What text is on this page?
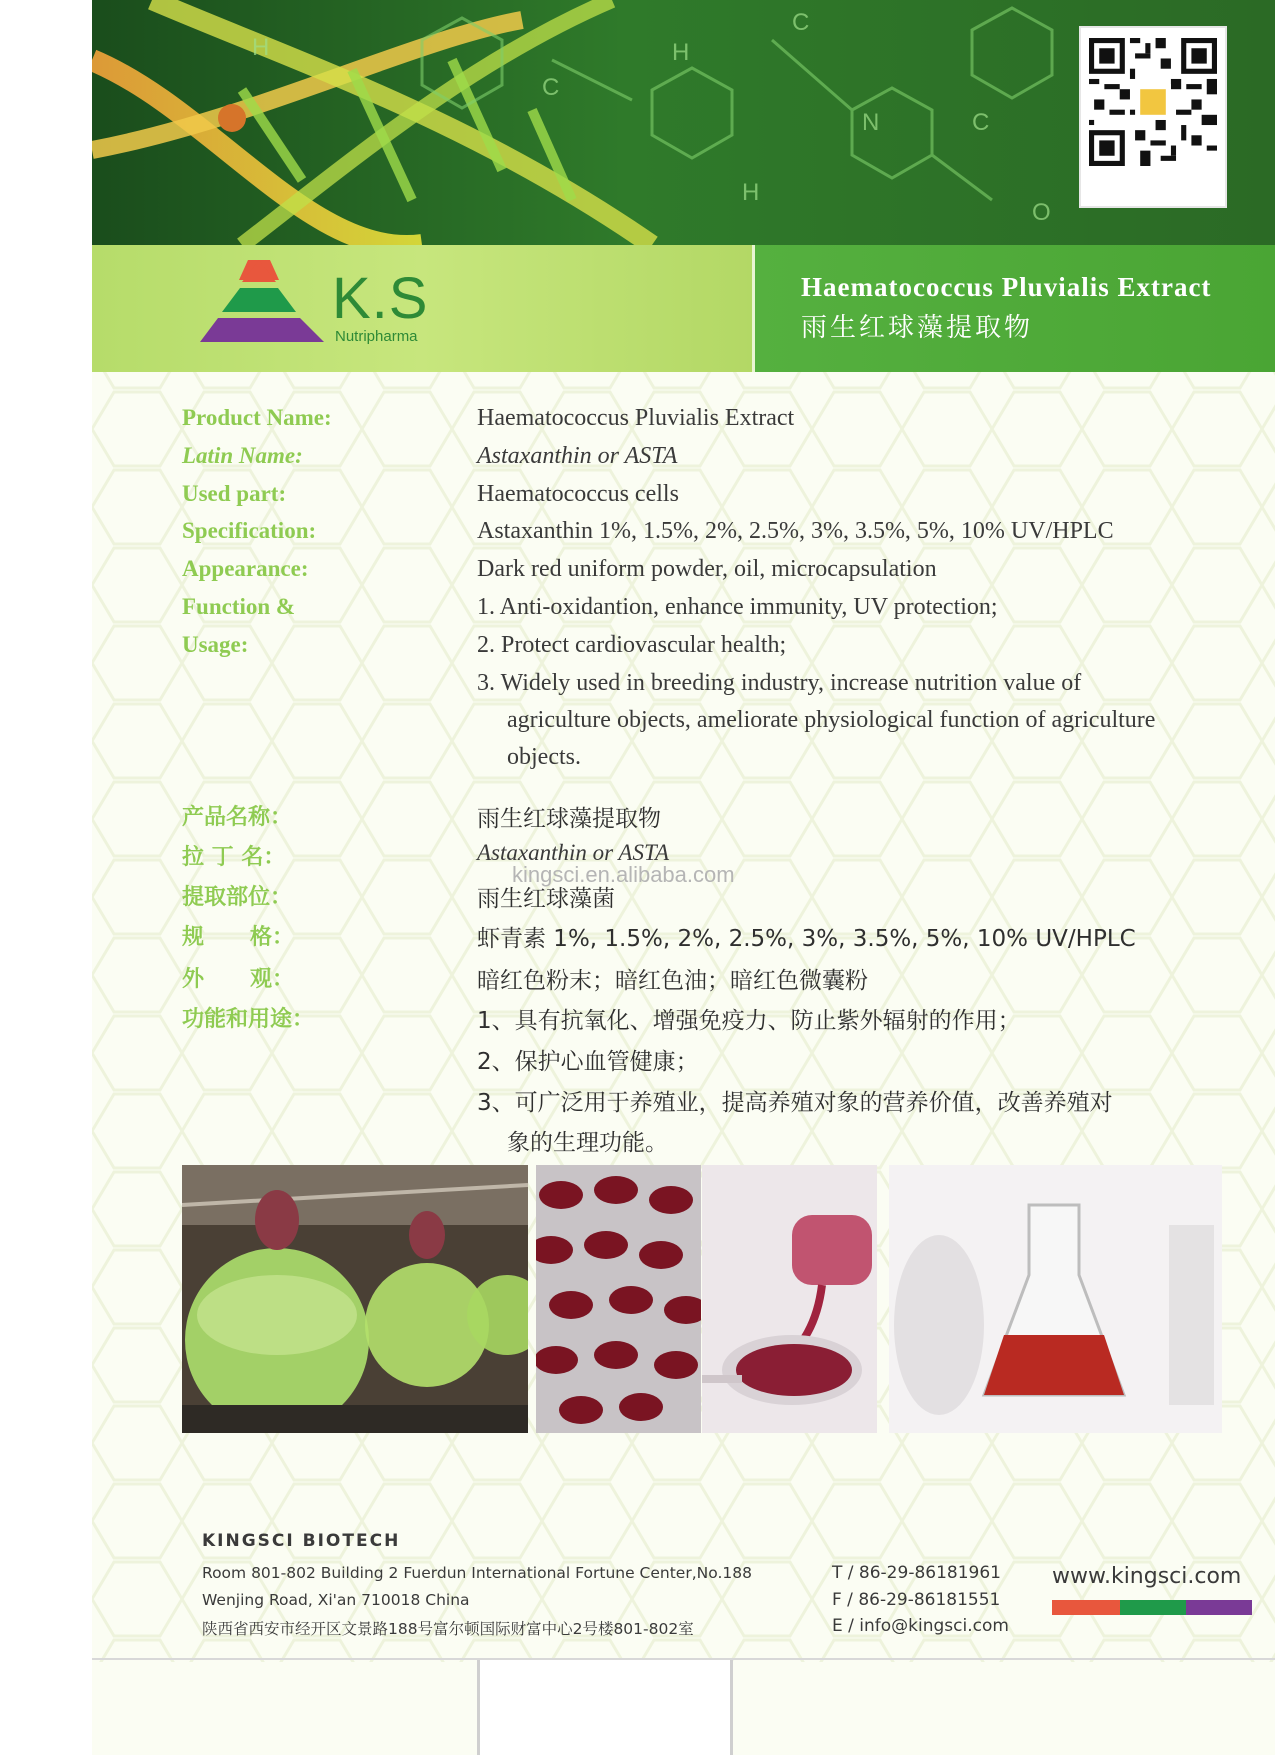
H
C
H
C
N
H
C
O
K.S
Nutripharma
Haematococcus Pluvialis Extract
雨生红球藻提取物
Product Name:	Haematococcus Pluvialis Extract
Latin Name:	Astaxanthin or ASTA
Used part:	Haematococcus cells
Specification:	Astaxanthin 1%, 1.5%, 2%, 2.5%, 3%, 3.5%, 5%, 10% UV/HPLC
Appearance:	Dark red uniform powder, oil, microcapsulation
Function &	1. Anti-oxidantion, enhance immunity, UV protection;
Usage:	2. Protect cardiovascular health;
3. Widely used in breeding industry, increase nutrition value of
agriculture objects, ameliorate physiological function of agriculture
objects.
产品名称：	雨生红球藻提取物
拉 丁 名：	Astaxanthin or ASTA
提取部位：	雨生红球藻菌
规      格：	虾青素 1%, 1.5%, 2%, 2.5%, 3%, 3.5%, 5%, 10% UV/HPLC
外      观：	暗红色粉末；暗红色油；暗红色微囊粉
功能和用途：	1、具有抗氧化、增强免疫力、防止紫外辐射的作用；
2、保护心血管健康；
3、可广泛用于养殖业，提高养殖对象的营养价值，改善养殖对
象的生理功能。
kingsci.en.alibaba.com
KINGSCI BIOTECH
Room 801-802 Building 2 Fuerdun International Fortune Center,No.188
Wenjing Road, Xi'an 710018 China
陕西省西安市经开区文景路188号富尔顿国际财富中心2号楼801-802室
T / 86-29-86181961
F / 86-29-86181551
E / info@kingsci.com
www.kingsci.com
